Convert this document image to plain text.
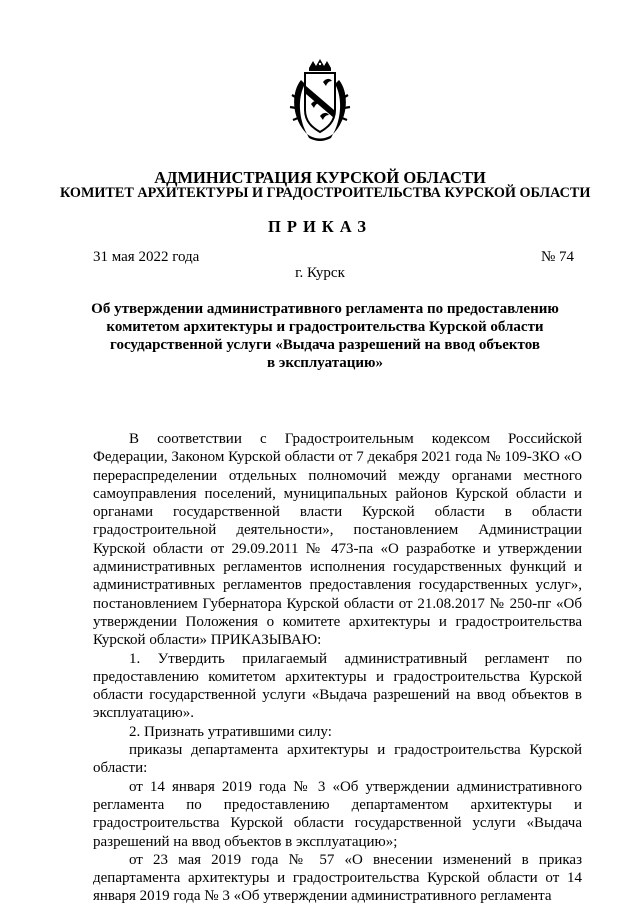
АДМИНИСТРАЦИЯ КУРСКОЙ ОБЛАСТИ
КОМИТЕТ АРХИТЕКТУРЫ И ГРАДОСТРОИТЕЛЬСТВА КУРСКОЙ ОБЛАСТИ
ПРИКАЗ
31 мая 2022 года	№ 74
г. Курск
Об утверждении административного регламента по предоставлению
комитетом архитектуры и градостроительства Курской области
государственной услуги «Выдача разрешений на ввод объектов
в эксплуатацию»

В соответствии с Градостроительным кодексом Российской Федерации, Законом Курской области от 7 декабря 2021 года № 109-ЗКО «О перераспределении отдельных полномочий между органами местного самоуправления поселений, муниципальных районов Курской области и органами государственной власти Курской области в области градостроительной деятельности», постановлением Администрации Курской области от 29.09.2011 № 473-па «О разработке и утверждении административных регламентов исполнения государственных функций и административных регламентов предоставления государственных услуг», постановлением Губернатора Курской области от 21.08.2017 № 250-пг «Об утверждении Положения о комитете архитектуры и градостроительства Курской области» ПРИКАЗЫВАЮ:

1. Утвердить прилагаемый административный регламент по предоставлению комитетом архитектуры и градостроительства Курской области государственной услуги «Выдача разрешений на ввод объектов в эксплуатацию».

2. Признать утратившими силу:

приказы департамента архитектуры и градостроительства Курской области:

от 14 января 2019 года № 3 «Об утверждении административного регламента по предоставлению департаментом архитектуры и градостроительства Курской области государственной услуги «Выдача разрешений на ввод объектов в эксплуатацию»;

от 23 мая 2019 года № 57 «О внесении изменений в приказ департамента архитектуры и градостроительства Курской области от 14 января 2019 года № 3 «Об утверждении административного регламента
